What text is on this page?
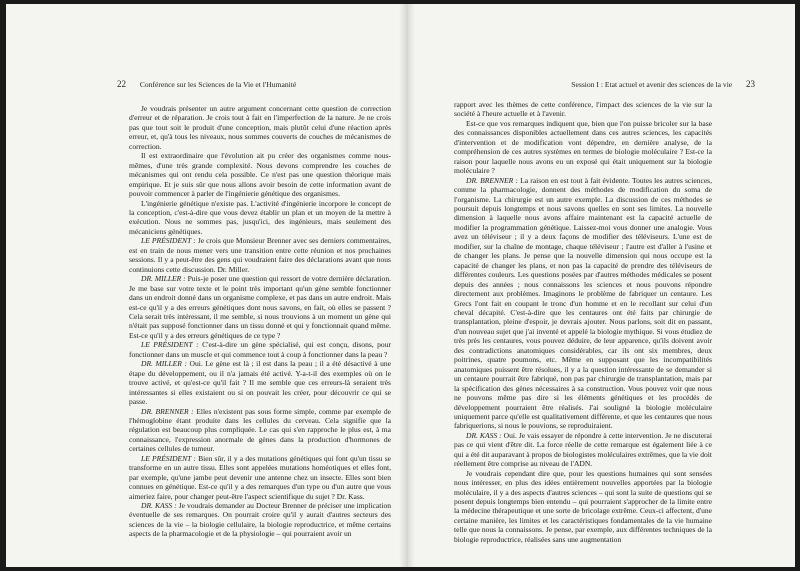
22 Conférence sur les Sciences de la Vie et l'Humanité

Je voudrais présenter un autre argument concernant cette question de correction d'erreur et de réparation. Je crois tout à fait en l'imperfection de la nature. Je ne crois pas que tout soit le produit d'une conception, mais plutôt celui d'une réaction après erreur, et, qu'à tous les niveaux, nous sommes couverts de couches de mécanismes de correction.

Il est extraordinaire que l'évolution ait pu créer des organismes comme nous-mêmes, d'une très grande complexité. Nous devons comprendre les couches de mécanismes qui ont rendu cela possible. Ce n'est pas une question théorique mais empirique. Et je suis sûr que nous allons avoir besoin de cette information avant de pouvoir commencer à parler de l'ingénierie génétique des organismes.

L'ingénierie génétique n'existe pas. L'activité d'ingénierie incorpore le concept de la conception, c'est-à-dire que vous devez établir un plan et un moyen de la mettre à exécution. Nous ne sommes pas, jusqu'ici, des ingénieurs, mais seulement des mécaniciens génétiques.

LE PRÉSIDENT : Je crois que Monsieur Brenner avec ses derniers commentaires, est en train de nous mener vers une transition entre cette réunion et nos prochaines sessions. Il y a peut-être des gens qui voudraient faire des déclarations avant que nous continuions cette discussion. Dr. Miller.

DR. MILLER : Puis-je poser une question qui ressort de votre dernière déclaration. Je me base sur votre texte et le point très important qu'un gène semble fonctionner dans un endroit donné dans un organisme complexe, et pas dans un autre endroit. Mais est-ce qu'il y a des erreurs génétiques dont nous savons, en fait, où elles se passent ? Cela serait très intéressant, il me semble, si nous trouvions à un moment un gène qui n'était pas supposé fonctionner dans un tissu donné et qui y fonctionnait quand même. Est-ce qu'il y a des erreurs génétiques de ce type ?

LE PRÉSIDENT : C'est-à-dire un gène spécialisé, qui est conçu, disons, pour fonctionner dans un muscle et qui commence tout à coup à fonctionner dans la peau ?

DR. MILLER : Oui. Le gène est là ; il est dans la peau ; il a été désactivé à une étape du développement, ou il n'a jamais été activé. Y-a-t-il des exemples où on le trouve activé, et qu'est-ce qu'il fait ? Il me semble que ces erreurs-là seraient très intéressantes si elles existaient ou si on pouvait les créer, pour découvrir ce qui se passe.

DR. BRENNER : Elles n'existent pas sous forme simple, comme par exemple de l'hémoglobine étant produite dans les cellules du cerveau. Cela signifie que la régulation est beaucoup plus compliquée. Le cas qui s'en rapproche le plus est, à ma connaissance, l'expression anormale de gènes dans la production d'hormones de certaines cellules de tumeur.

LE PRÉSIDENT : Bien sûr, il y a des mutations génétiques qui font qu'un tissu se transforme en un autre tissu. Elles sont appelées mutations homéotiques et elles font, par exemple, qu'une jambe peut devenir une antenne chez un insecte. Elles sont bien connues en génétique. Est-ce qu'il y a des remarques d'un type ou d'un autre que vous aimeriez faire, pour changer peut-être l'aspect scientifique du sujet ? Dr. Kass.

DR. KASS : Je voudrais demander au Docteur Brenner de préciser une implication éventuelle de ses remarques. On pourrait croire qu'il y aurait d'autres secteurs des sciences de la vie – la biologie cellulaire, la biologie reproductrice, et même certains aspects de la pharmacologie et de la physiologie – qui pourraient avoir un

Session I : Etat actuel et avenir des sciences de la vie 23

rapport avec les thèmes de cette conférence, l'impact des sciences de la vie sur la société à l'heure actuelle et à l'avenir.

Est-ce que vos remarques indiquent que, bien que l'on puisse bricoler sur la base des connaissances disponibles actuellement dans ces autres sciences, les capacités d'intervention et de modification vont dépendre, en dernière analyse, de la compréhension de ces autres systèmes en termes de biologie moléculaire ? Est-ce la raison pour laquelle nous avons eu un exposé qui était uniquement sur la biologie moléculaire ?

DR. BRENNER : La raison en est tout à fait évidente. Toutes les autres sciences, comme la pharmacologie, donnent des méthodes de modification du soma de l'organisme. La chirurgie est un autre exemple. La discussion de ces méthodes se poursuit depuis longtemps et nous savons quelles en sont ses limites. La nouvelle dimension à laquelle nous avons affaire maintenant est la capacité actuelle de modifier la programmation génétique. Laissez-moi vous donner une analogie. Vous avez un téléviseur ; il y a deux façons de modifier des téléviseurs. L'une est de modifier, sur la chaîne de montage, chaque téléviseur ; l'autre est d'aller à l'usine et de changer les plans. Je pense que la nouvelle dimension qui nous occupe est la capacité de changer les plans, et non pas la capacité de prendre des téléviseurs de différentes couleurs. Les questions posées par d'autres méthodes médicales se posent depuis des années ; nous connaissons les sciences et nous pouvons répondre directement aux problèmes. Imaginons le problème de fabriquer un centaure. Les Grecs l'ont fait en coupant le tronc d'un homme et en le recollant sur celui d'un cheval décapité. C'est-à-dire que les centaures ont été faits par chirurgie de transplantation, pleine d'espoir, je devrais ajouter. Nous parlons, soit dit en passant, d'un nouveau sujet que j'ai inventé et appelé la biologie mythique. Si vous étudiez de très près les centaures, vous pouvez déduire, de leur apparence, qu'ils doivent avoir des contradictions anatomiques considérables, car ils ont six membres, deux poitrines, quatre poumons, etc. Même en supposant que les incompatibilités anatomiques puissent être résolues, il y a la question intéressante de se demander si un centaure pourrait être fabriqué, non pas par chirurgie de transplantation, mais par la spécification des gènes nécessaires à sa construction. Vous pouvez voir que nous ne pouvons même pas dire si les éléments génétiques et les procédés de développement pourraient être réalisés. J'ai souligné la biologie moléculaire uniquement parce qu'elle est qualitativement différente, et que les centaures que nous fabriquerions, si nous le pouvions, se reproduiraient.

DR. KASS : Oui. Je vais essayer de répondre à cette intervention. Je ne discuterai pas ce qui vient d'être dit. La force réelle de cette remarque est également liée à ce qui a été dit auparavant à propos de biologistes moléculaires extrêmes, que la vie doit réellement être comprise au niveau de l'ADN.

Je voudrais cependant dire que, pour les questions humaines qui sont sensées nous intéresser, en plus des idées entièrement nouvelles apportées par la biologie moléculaire, il y a des aspects d'autres sciences – qui sont la suite de questions qui se posent depuis longtemps bien entendu – qui pourraient s'approcher de la limite entre la médecine thérapeutique et une sorte de bricolage extrême. Ceux-ci affectent, d'une certaine manière, les limites et les caractéristiques fondamentales de la vie humaine telle que nous la connaissons. Je pense, par exemple, aux différentes techniques de la biologie reproductrice, réalisées sans une augmentation
